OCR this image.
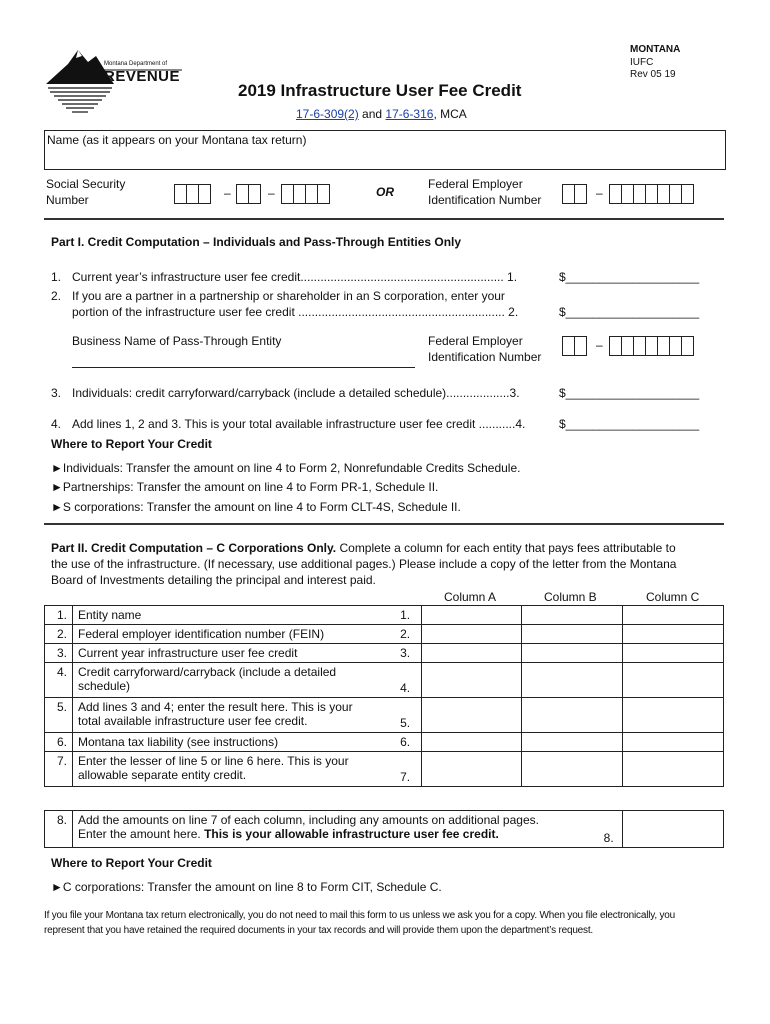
Montana Department of
REVENUE
MONTANA
IUFC
Rev 05 19
2019 Infrastructure User Fee Credit
17-6-309(2) and 17-6-316, MCA
Name (as it appears on your Montana tax return)
Social Security
Number	–	–	OR
Federal Employer
Identification Number	–
Part I. Credit Computation – Individuals and Pass-Through Entities Only
1. Current year’s infrastructure user fee credit............................................................. 1.	$____________________
2. If you are a partner in a partnership or shareholder in an S corporation, enter your
portion of the infrastructure user fee credit .............................................................. 2.	$____________________
Business Name of Pass-Through Entity	Federal Employer
Identification Number
–
3. Individuals: credit carryforward/carryback (include a detailed schedule)...................3.	$____________________
4. Add lines 1, 2 and 3. This is your total available infrastructure user fee credit ...........4.	$____________________
Where to Report Your Credit
►Individuals: Transfer the amount on line 4 to Form 2, Nonrefundable Credits Schedule.
►Partnerships: Transfer the amount on line 4 to Form PR-1, Schedule II.
►S corporations: Transfer the amount on line 4 to Form CLT-4S, Schedule II.
Part II. Credit Computation – C Corporations Only. Complete a column for each entity that pays fees attributable to
the use of the infrastructure. (If necessary, use additional pages.) Please include a copy of the letter from the Montana
Board of Investments detailing the principal and interest paid.
Column A	Column B	Column C
1.	Entity name	1.			
2.	Federal employer identification number (FEIN)	2.			
3.	Current year infrastructure user fee credit	3.			
4.	Credit carryforward/carryback (include a detailed
schedule)	4.			
5.	Add lines 3 and 4; enter the result here. This is your
total available infrastructure user fee credit.	5.			
6.	Montana tax liability (see instructions)	6.			
7.	Enter the lesser of line 5 or line 6 here. This is your
allowable separate entity credit.	7.			
8.	Add the amounts on line 7 of each column, including any amounts on additional pages.
Enter the amount here. This is your allowable infrastructure user fee credit.	8.	
Where to Report Your Credit
►C corporations: Transfer the amount on line 8 to Form CIT, Schedule C.
If you file your Montana tax return electronically, you do not need to mail this form to us unless we ask you for a copy. When you file electronically, you
represent that you have retained the required documents in your tax records and will provide them upon the department’s request.
